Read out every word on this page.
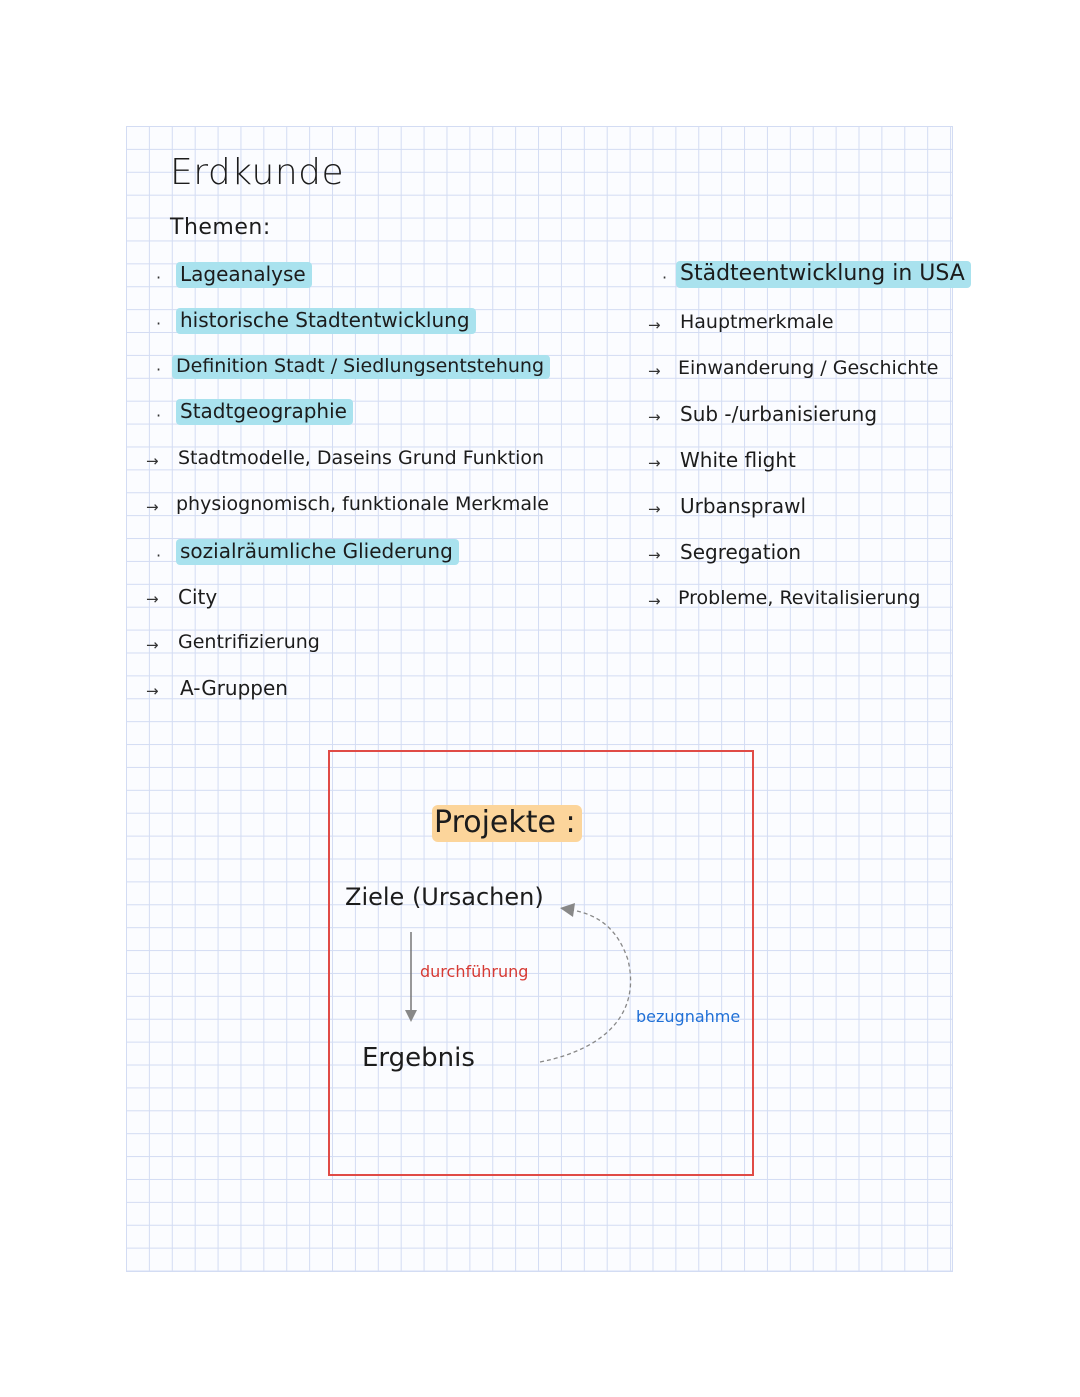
Erdkunde
Themen:
· Lageanalyse
· historische Stadtentwicklung
· Definition Stadt / Siedlungsentstehung
· Stadtgeographie
→ Stadtmodelle, Daseins Grund Funktion
→ physiognomisch, funktionale Merkmale
· sozialräumliche Gliederung
→ City
→ Gentrifizierung
→ A-Gruppen
· Städteentwicklung in USA
→ Hauptmerkmale
→ Einwanderung / Geschichte
→ Sub -/urbanisierung
→ White flight
→ Urbansprawl
→ Segregation
→ Probleme, Revitalisierung
Projekte :
Ziele (Ursachen)
Ergebnis
durchführung
bezugnahme
